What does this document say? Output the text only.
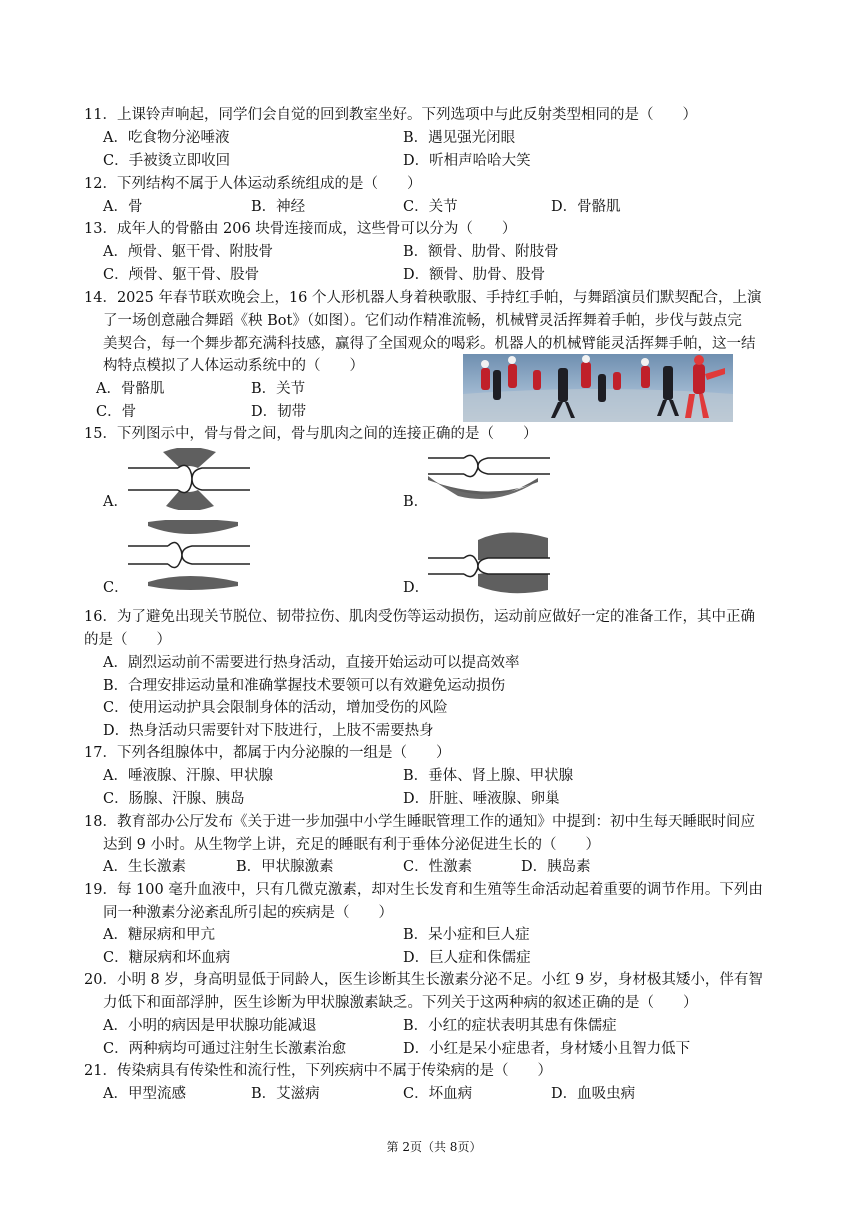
11．上课铃声响起，同学们会自觉的回到教室坐好。下列选项中与此反射类型相同的是（　　）
A．吃食物分泌唾液	B．遇见强光闭眼
C．手被烫立即收回	D．听相声哈哈大笑
12．下列结构不属于人体运动系统组成的是（　　）
A．骨	B．神经	C．关节	D．骨骼肌
13．成年人的骨骼由 206 块骨连接而成，这些骨可以分为（　　）
A．颅骨、躯干骨、附肢骨	B．额骨、肋骨、附肢骨
C．颅骨、躯干骨、股骨	D．额骨、肋骨、股骨
14．2025 年春节联欢晚会上，16 个人形机器人身着秧歌服、手持红手帕，与舞蹈演员们默契配合，上演
了一场创意融合舞蹈《秧 Bot》（如图）。它们动作精准流畅，机械臂灵活挥舞着手帕，步伐与鼓点完
美契合，每一个舞步都充满科技感，赢得了全国观众的喝彩。机器人的机械臂能灵活挥舞手帕，这一结
构特点模拟了人体运动系统中的（　　）
A．骨骼肌	B．关节
C．骨	D．韧带
15．下列图示中，骨与骨之间，骨与肌肉之间的连接正确的是（　　）
A．	B．
C．	D．
16．为了避免出现关节脱位、韧带拉伤、肌肉受伤等运动损伤，运动前应做好一定的准备工作，其中正确
的是（　　）
A．剧烈运动前不需要进行热身活动，直接开始运动可以提高效率
B．合理安排运动量和准确掌握技术要领可以有效避免运动损伤
C．使用运动护具会限制身体的活动，增加受伤的风险
D．热身活动只需要针对下肢进行，上肢不需要热身
17．下列各组腺体中，都属于内分泌腺的一组是（　　）
A．唾液腺、汗腺、甲状腺	B．垂体、肾上腺、甲状腺
C．肠腺、汗腺、胰岛	D．肝脏、唾液腺、卵巢
18．教育部办公厅发布《关于进一步加强中小学生睡眠管理工作的通知》中提到：初中生每天睡眠时间应
达到 9 小时。从生物学上讲，充足的睡眠有利于垂体分泌促进生长的（　　）
A．生长激素	B．甲状腺激素	C．性激素	D．胰岛素
19．每 100 毫升血液中，只有几微克激素，却对生长发育和生殖等生命活动起着重要的调节作用。下列由
同一种激素分泌紊乱所引起的疾病是（　　）
A．糖尿病和甲亢	B．呆小症和巨人症
C．糖尿病和坏血病	D．巨人症和侏儒症
20．小明 8 岁，身高明显低于同龄人，医生诊断其生长激素分泌不足。小红 9 岁，身材极其矮小，伴有智
力低下和面部浮肿，医生诊断为甲状腺激素缺乏。下列关于这两种病的叙述正确的是（　　）
A．小明的病因是甲状腺功能减退	B．小红的症状表明其患有侏儒症
C．两种病均可通过注射生长激素治愈	D．小红是呆小症患者，身材矮小且智力低下
21．传染病具有传染性和流行性，下列疾病中不属于传染病的是（　　）
A．甲型流感	B．艾滋病	C．坏血病	D．血吸虫病
第 2页（共 8页）
